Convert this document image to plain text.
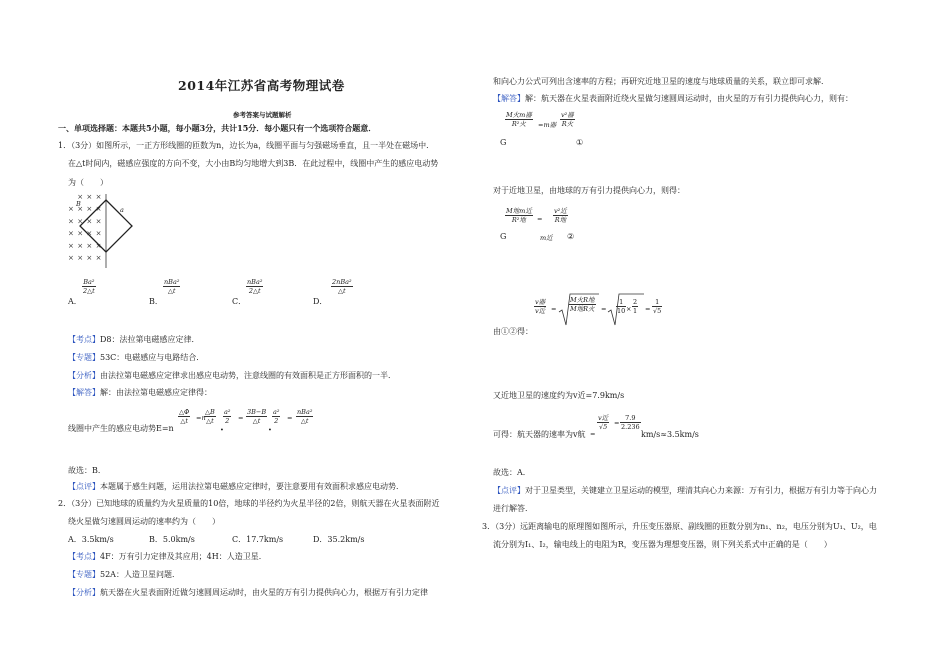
2014年江苏省高考物理试卷
参考答案与试题解析
一、单项选择题：本题共5小题，每小题3分，共计15分．每小题只有一个选项符合题意．
1．（3分）如图所示，一正方形线圈的匝数为n，边长为a，线圈平面与匀强磁场垂直，且一半处在磁场中．
在△t时间内，磁感应强度的方向不变，大小由B均匀地增大到3B．在此过程中，线圈中产生的感应电动势
为（　　）
× × ×
× × × ×
× × × ×
× × × ×
× × × ×
× × × ×
B
a
$\frac{\text{Ba²}}{2\triangle t}$
A．
nBa²
△t
B．
nBa²
2△t
C．
2nBa²
△t
D．
【考点】D8：法拉第电磁感应定律．
【专题】53C：电磁感应与电路结合．
【分析】由法拉第电磁感应定律求出感应电动势，注意线圈的有效面积是正方形面积的一半．
【解答】解：由法拉第电磁感应定律得：
线圈中产生的感应电动势E=n
$\frac{\triangle\Phi}{\triangle t} =n$
$\frac{\triangle B}{\triangle t}$
•
$\frac{\text{a²}}{2} = \frac{3B-B}{\triangle t}$
•
$\frac{\text{a²}}{2}$ =
nBa²
△t
故选：B．
【点评】本题属于感生问题，运用法拉第电磁感应定律时，要注意要用有效面积求感应电动势．
2．（3分）已知地球的质量约为火星质量的10倍，地球的半径约为火星半径的2倍，则航天器在火星表面附近
绕火星做匀速圆周运动的速率约为（　　）
A．3.5km/s	B．5.0km/s	C．17.7km/s	D．35.2km/s
【考点】4F：万有引力定律及其应用；4H：人造卫星．
【专题】52A：人造卫星问题．
【分析】航天器在火星表面附近做匀速圆周运动时，由火星的万有引力提供向心力，根据万有引力定律
和向心力公式可列出含速率的方程；再研究近地卫星的速度与地球质量的关系，联立即可求解．
【解答】解：航天器在火星表面附近绕火星做匀速圆周运动时，由火星的万有引力提供向心力，则有：
M火m器
R²火	=m器
v²器
R火
G	①
对于近地卫星，由地球的万有引力提供向心力，则得：
M地m近
R²地	=
v²近
R地
G	m近 ②
v器
v近 =
M火R地
M地R火 = $\frac{1}{10} \times \frac{2}{1} = \frac{1}{√5}$
由①②得：
又近地卫星的速度约为v近=7.9km/s
可得：航天器的速率为v航 =
v近
√5	= $\frac{7.9}{2.236}$
km/s≈3.5km/s
故选：A．
【点评】对于卫星类型，关键建立卫星运动的模型，理清其向心力来源：万有引力，根据万有引力等于向心力
进行解答．
3．（3分）远距离输电的原理图如图所示，升压变压器原、副线圈的匝数分别为n₁、n₂，电压分别为U₁、U₂，电
流分别为I₁、I₂，输电线上的电阻为R，变压器为理想变压器，则下列关系式中正确的是（　　）
